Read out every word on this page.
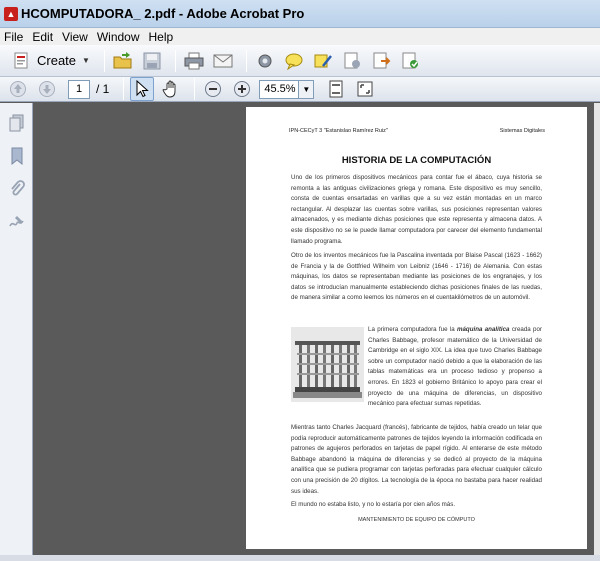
▲ HCOMPUTADORA_ 2.pdf - Adobe Acrobat Pro
File Edit View Window Help
Create ▼
1	/ 1	45.5% ▼
IPN-CECyT 3 "Estanislao Ramírez Ruiz"	Sistemas Digitales
HISTORIA DE LA COMPUTACIÓN
Uno de los primeros dispositivos mecánicos para contar fue el ábaco, cuya historia se remonta a las antiguas civilizaciones griega y romana. Este dispositivo es muy sencillo, consta de cuentas ensartadas en varillas que a su vez están montadas en un marco rectangular. Al desplazar las cuentas sobre varillas, sus posiciones representan valores almacenados, y es mediante dichas posiciones que este representa y almacena datos. A este dispositivo no se le puede llamar computadora por carecer del elemento fundamental llamado programa.
Otro de los inventos mecánicos fue la Pascalina inventada por Blaise Pascal (1623 - 1662) de Francia y la de Gottfried Wilheim von Leibniz (1646 - 1716) de Alemania. Con estas máquinas, los datos se representaban mediante las posiciones de los engranajes, y los datos se introducían manualmente estableciendo dichas posiciones finales de las ruedas, de manera similar a como leemos los números en el cuentakilómetros de un automóvil.
La primera computadora fue la máquina analítica creada por Charles Babbage, profesor matemático de la Universidad de Cambridge en el siglo XIX. La idea que tuvo Charles Babbage sobre un computador nació debido a que la elaboración de las tablas matemáticas era un proceso tedioso y propenso a errores. En 1823 el gobierno Británico lo apoyo para crear el proyecto de una máquina de diferencias, un dispositivo mecánico para efectuar sumas repetidas.
Mientras tanto Charles Jacquard (francés), fabricante de tejidos, había creado un telar que podía reproducir automáticamente patrones de tejidos leyendo la información codificada en patrones de agujeros perforados en tarjetas de papel rígido. Al enterarse de este método Babbage abandonó la máquina de diferencias y se dedicó al proyecto de la máquina analítica que se pudiera programar con tarjetas perforadas para efectuar cualquier cálculo con una precisión de 20 dígitos. La tecnología de la época no bastaba para hacer realidad sus ideas.
El mundo no estaba listo, y no lo estaría por cien años más.
MANTENIMIENTO DE EQUIPO DE CÓMPUTO
